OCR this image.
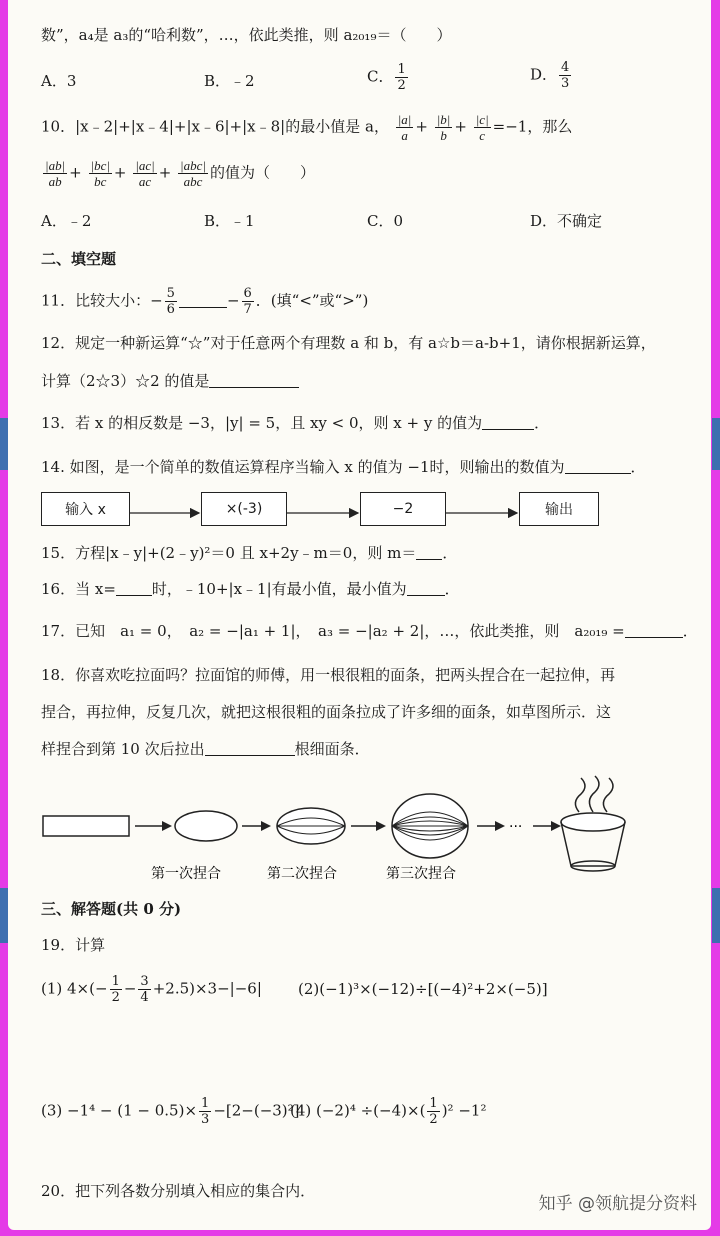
数”，a₄是 a₃的“哈利数”，…，依此类推，则 a₂₀₁₉＝（　　）
A．3	B．﹣2	C． $\frac{1}{2}$	D． $\frac{4}{3}$
10．|x﹣2|+|x﹣4|+|x﹣6|+|x﹣8|的最小值是 a， $\frac{|a|}{a} + \frac{|b|}{b} + \frac{|c|}{c} =-1$，那么
$\frac{|ab|}{ab} + \frac{|bc|}{bc} + \frac{|ac|}{ac} + \frac{\text{|abc|}}{\text{abc}}$ 的值为（　　）
A．﹣2	B．﹣1	C．0	D．不确定
二、填空题
11．比较大小：− $\frac{5}{6}$	− $\frac{6}{7}$ ．(填“<”或“>”)
12．规定一种新运算“☆”对于任意两个有理数 a 和 b，有 a☆b＝a-b+1，请你根据新运算，
计算（2☆3）☆2 的值是
13．若 x 的相反数是 −3，|y| = 5，且 xy < 0，则 x + y 的值为	．
14. 如图，是一个简单的数值运算程序当输入 x 的值为 −1时，则输出的数值为	．
输入 x	×(-3)	−2	输出
15．方程|x﹣y|+(2﹣y)²＝0 且 x+2y﹣m＝0，则 m＝ ．
16．当 x= 时，﹣10+|x﹣1|有最小值，最小值为	．
17．已知　a₁ = 0，　a₂ = −|a₁ + 1|，　a₃ = −|a₂ + 2|，…，依此类推，则　a₂₀₁₉ =	．
18．你喜欢吃拉面吗？拉面馆的师傅，用一根很粗的面条，把两头捏合在一起拉伸，再
捏合，再拉伸，反复几次，就把这根很粗的面条拉成了许多细的面条，如草图所示．这
样捏合到第 10 次后拉出	根细面条．
···
第一次捏合	第二次捏合	第三次捏合
三、解答题(共 0 分)
19．计算
(1) $4\times(- \frac{1}{2} - \frac{3}{4} +2.5)\times 3-|-6|$ (2)(−1)³×(−12)÷[(−4)²+2×(−5)]
$(3) -1^4 - (1 - 0.5)\times \frac{1}{3} -[2-(-3)^2]$
(4) $(-2)^4 \div(-4)\times( \frac{1}{2} )^2 -1^2$
20．把下列各数分别填入相应的集合内．
知乎 @领航提分资料
